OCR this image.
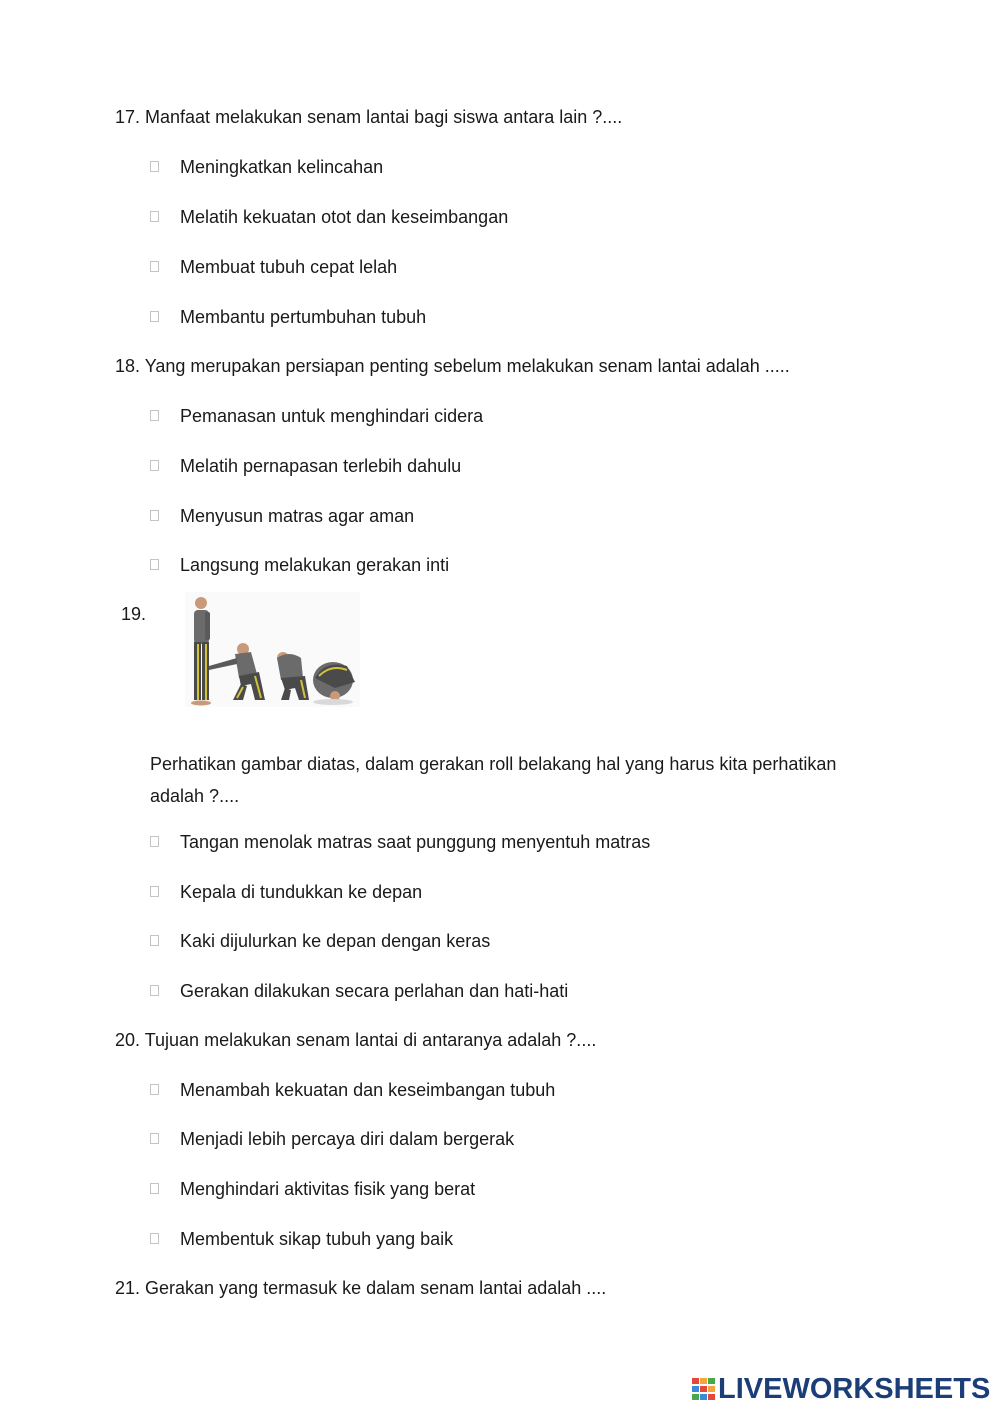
17. Manfaat melakukan senam lantai bagi siswa antara lain ?....
Meningkatkan kelincahan
Melatih kekuatan otot dan keseimbangan
Membuat tubuh cepat lelah
Membantu pertumbuhan tubuh
18. Yang merupakan persiapan penting sebelum melakukan senam lantai adalah .....
Pemanasan untuk menghindari cidera
Melatih pernapasan terlebih dahulu
Menyusun matras agar aman
Langsung melakukan gerakan inti
19.
Perhatikan gambar diatas, dalam gerakan roll belakang hal yang harus kita perhatikan adalah ?....
Tangan menolak matras saat punggung menyentuh matras
Kepala di tundukkan ke depan
Kaki dijulurkan ke depan dengan keras
Gerakan dilakukan secara perlahan dan hati-hati
20. Tujuan melakukan senam lantai di antaranya adalah ?....
Menambah kekuatan dan keseimbangan tubuh
Menjadi lebih percaya diri dalam bergerak
Menghindari aktivitas fisik yang berat
Membentuk sikap tubuh yang baik
21. Gerakan yang termasuk ke dalam senam lantai adalah ....
LIVEWORKSHEETS
